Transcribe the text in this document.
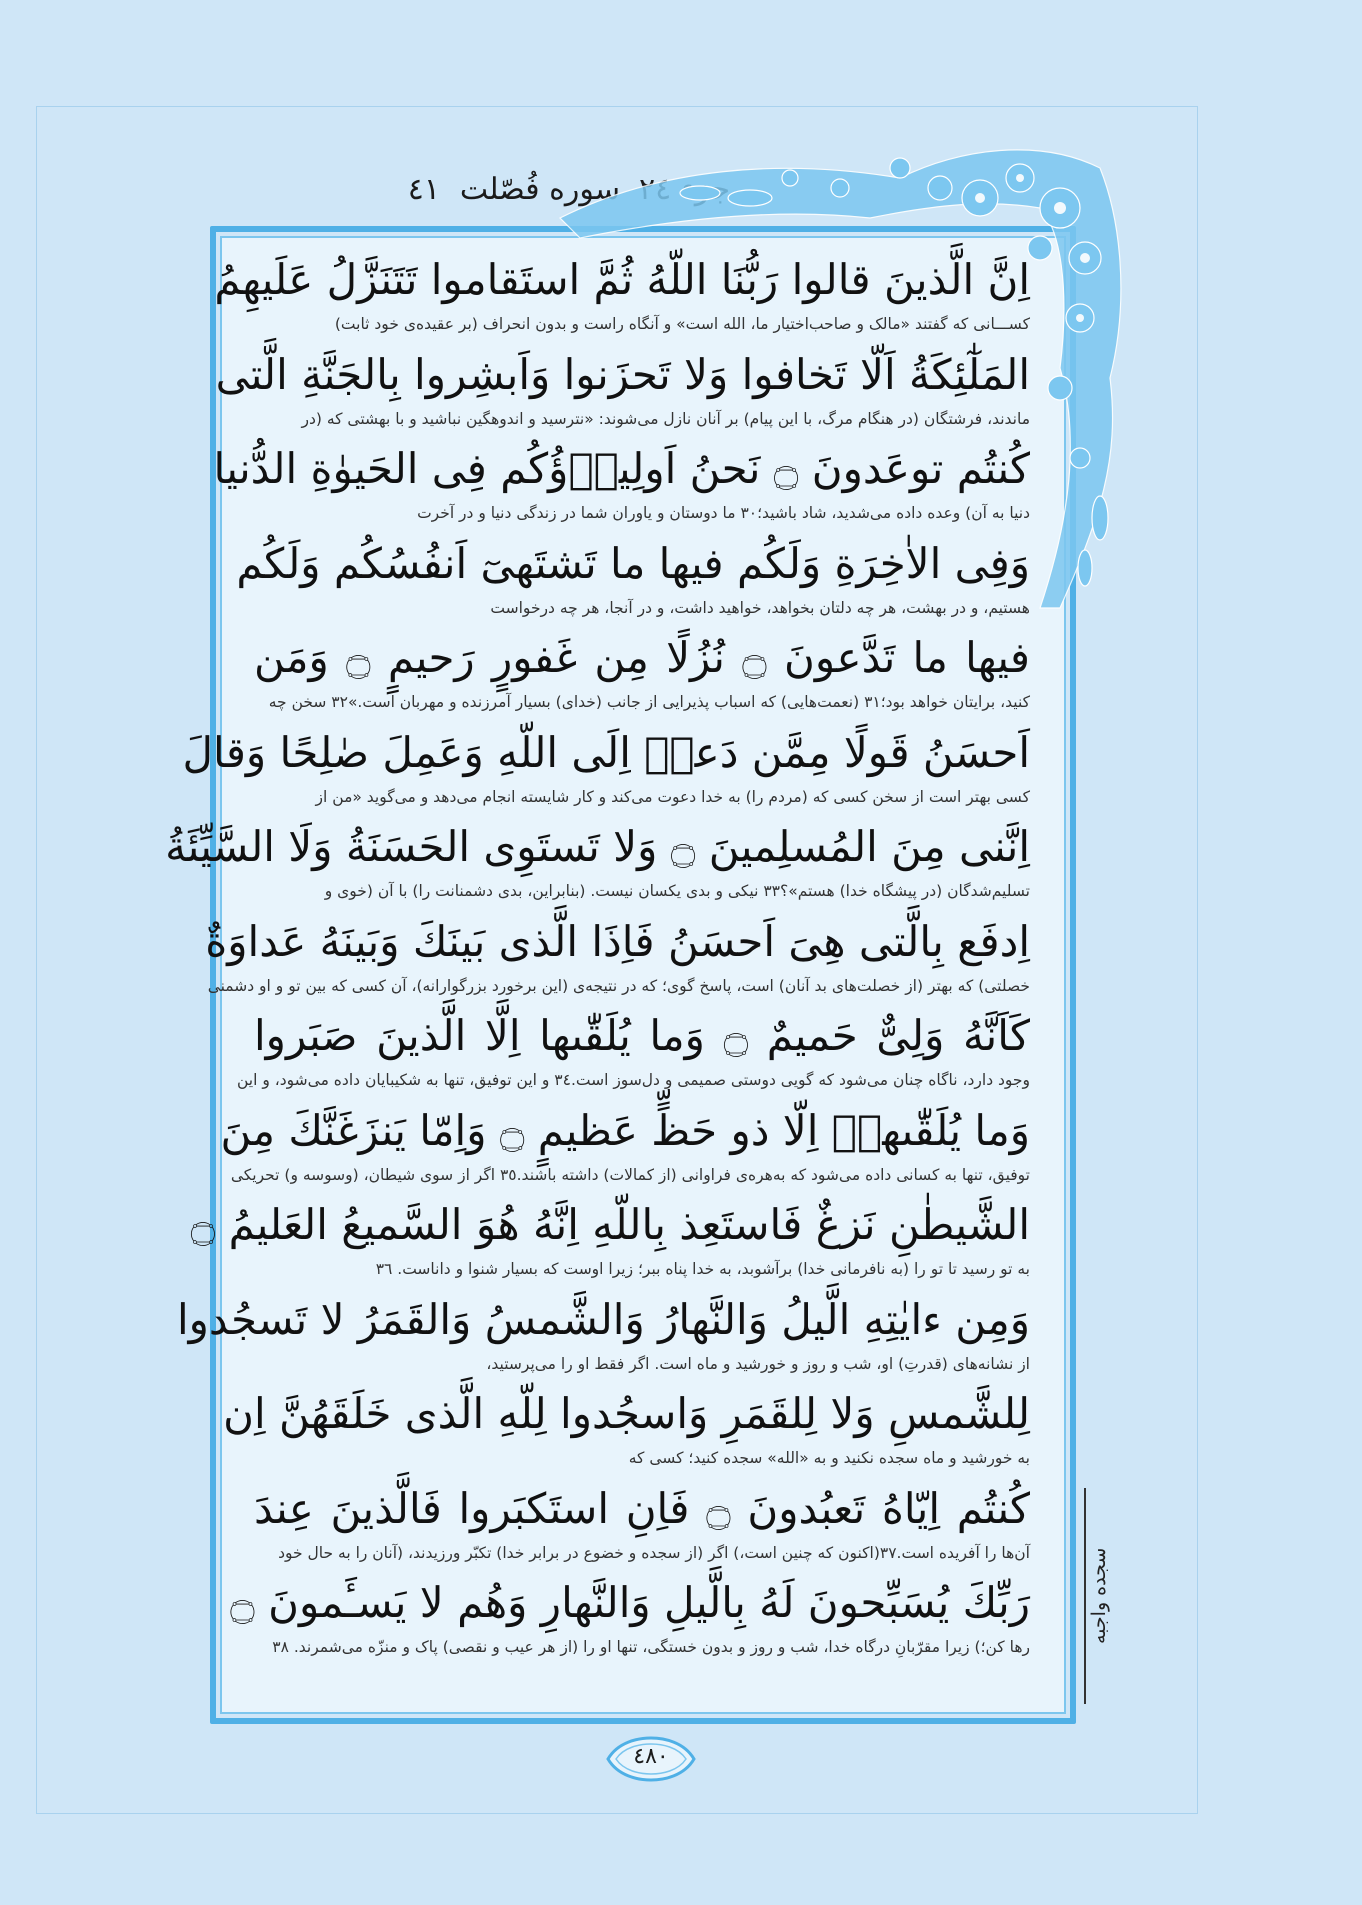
سوره فُصّلت
٤١
اِنَّ الَّذينَ قالوا رَبُّنَا اللّهُ ثُمَّ استَقاموا تَتَنَزَّلُ عَلَيهِمُ
کســـانی که گفتند «مالک و صاحب‌اختیار ما، الله است» و آنگاه راست و بدون انحراف (بر عقیده‌ی خود ثابت)
المَلٰٓئِكَةُ اَلّا تَخافوا وَلا تَحزَنوا وَاَبشِروا بِالجَنَّةِ الَّتى
ماندند، فرشتگان (در هنگام مرگ، با این پیام) بر آنان نازل می‌شوند: «نترسید و اندوهگین نباشید و با بهشتی که (در
كُنتُم توعَدونَ ۝ نَحنُ اَولِياۤؤُكُم فِى الحَيوٰةِ الدُّنيا
دنیا به آن) وعده داده می‌شدید، شاد باشید؛٣٠ ما دوستان و یاوران شما در زندگی دنیا و در آخرت
وَفِى الاٰخِرَةِ وَلَكُم فيها ما تَشتَهىٓ اَنفُسُكُم وَلَكُم
هستیم، و در بهشت، هر چه دلتان بخواهد، خواهید داشت، و در آنجا، هر چه درخواست
فيها ما تَدَّعونَ ۝ نُزُلًا مِن غَفورٍ رَحيمٍ ۝ وَمَن
کنید، برایتان خواهد بود؛٣١ (نعمت‌هایی) که اسباب پذیرایی از جانب (خدای) بسیار آمرزنده و مهربان است.»٣٢ سخن چه
اَحسَنُ قَولًا مِمَّن دَعاۤ اِلَى اللّهِ وَعَمِلَ صٰلِحًا وَقالَ
کسی بهتر است از سخن کسی که (مردم را) به خدا دعوت می‌کند و کار شایسته انجام می‌دهد و می‌گوید «من از
اِنَّنى مِنَ المُسلِمينَ ۝ وَلا تَستَوِى الحَسَنَةُ وَلَا السَّيِّئَةُ
تسلیم‌شدگان (در پیشگاه خدا) هستم»؟٣٣ نیکی و بدی یکسان نیست. (بنابراین، بدی دشمنانت را) با آن (خوی و
اِدفَع بِالَّتى هِىَ اَحسَنُ فَاِذَا الَّذى بَينَكَ وَبَينَهُ عَداوَةٌ
خصلتی) که بهتر (از خصلت‌های بد آنان) است، پاسخ گوی؛ که در نتیجه‌ی (این برخورد بزرگوارانه)، آن کسی که بین تو و او دشمنی
كَاَنَّهُ وَلِىٌّ حَميمٌ ۝ وَما يُلَقّٰىها اِلَّا الَّذينَ صَبَروا
وجود دارد، ناگاه چنان می‌شود که گویی دوستی صمیمی و دل‌سوز است.٣٤ و این توفیق، تنها به شکیبایان داده می‌شود، و این
وَما يُلَقّٰىهاۤ اِلّا ذو حَظٍّ عَظيمٍ ۝ وَاِمّا يَنزَغَنَّكَ مِنَ
توفیق، تنها به کسانی داده می‌شود که به‌هره‌ی فراوانی (از کمالات) داشته باشند.٣٥ اگر از سوی شیطان، (وسوسه و) تحریکی
الشَّيطٰنِ نَزغٌ فَاستَعِذ بِاللّهِ اِنَّهُ هُوَ السَّميعُ العَليمُ ۝
به تو رسید تا تو را (به نافرمانی خدا) برآشوبد، به خدا پناه ببر؛ زیرا اوست که بسیار شنوا و داناست. ٣٦
وَمِن ءايٰتِهِ الَّيلُ وَالنَّهارُ وَالشَّمسُ وَالقَمَرُ لا تَسجُدوا
از نشانه‌های (قدرتِ) او، شب و روز و خورشید و ماه است. اگر فقط او را می‌پرستید،
لِلشَّمسِ وَلا لِلقَمَرِ وَاسجُدوا لِلّهِ الَّذى خَلَقَهُنَّ اِن
به خورشید و ماه سجده نکنید و به «الله» سجده کنید؛ کسی که
كُنتُم اِيّاهُ تَعبُدونَ ۝ فَاِنِ استَكبَروا فَالَّذينَ عِندَ
آن‌ها را آفریده است.٣٧(اکنون که چنین است،) اگر (از سجده و خضوع در برابر خدا) تکبّر ورزیدند، (آنان را به حال خود
رَبِّكَ يُسَبِّحونَ لَهُ بِالَّيلِ وَالنَّهارِ وَهُم لا يَسـَٔمونَ ۝
رها کن؛) زیرا مقرّبانِ درگاه خدا، شب و روز و بدون خستگی، تنها او را (از هر عیب و نقصی) پاک و منزّه می‌شمرند. ٣٨
سجده واجبه
٤٨٠
